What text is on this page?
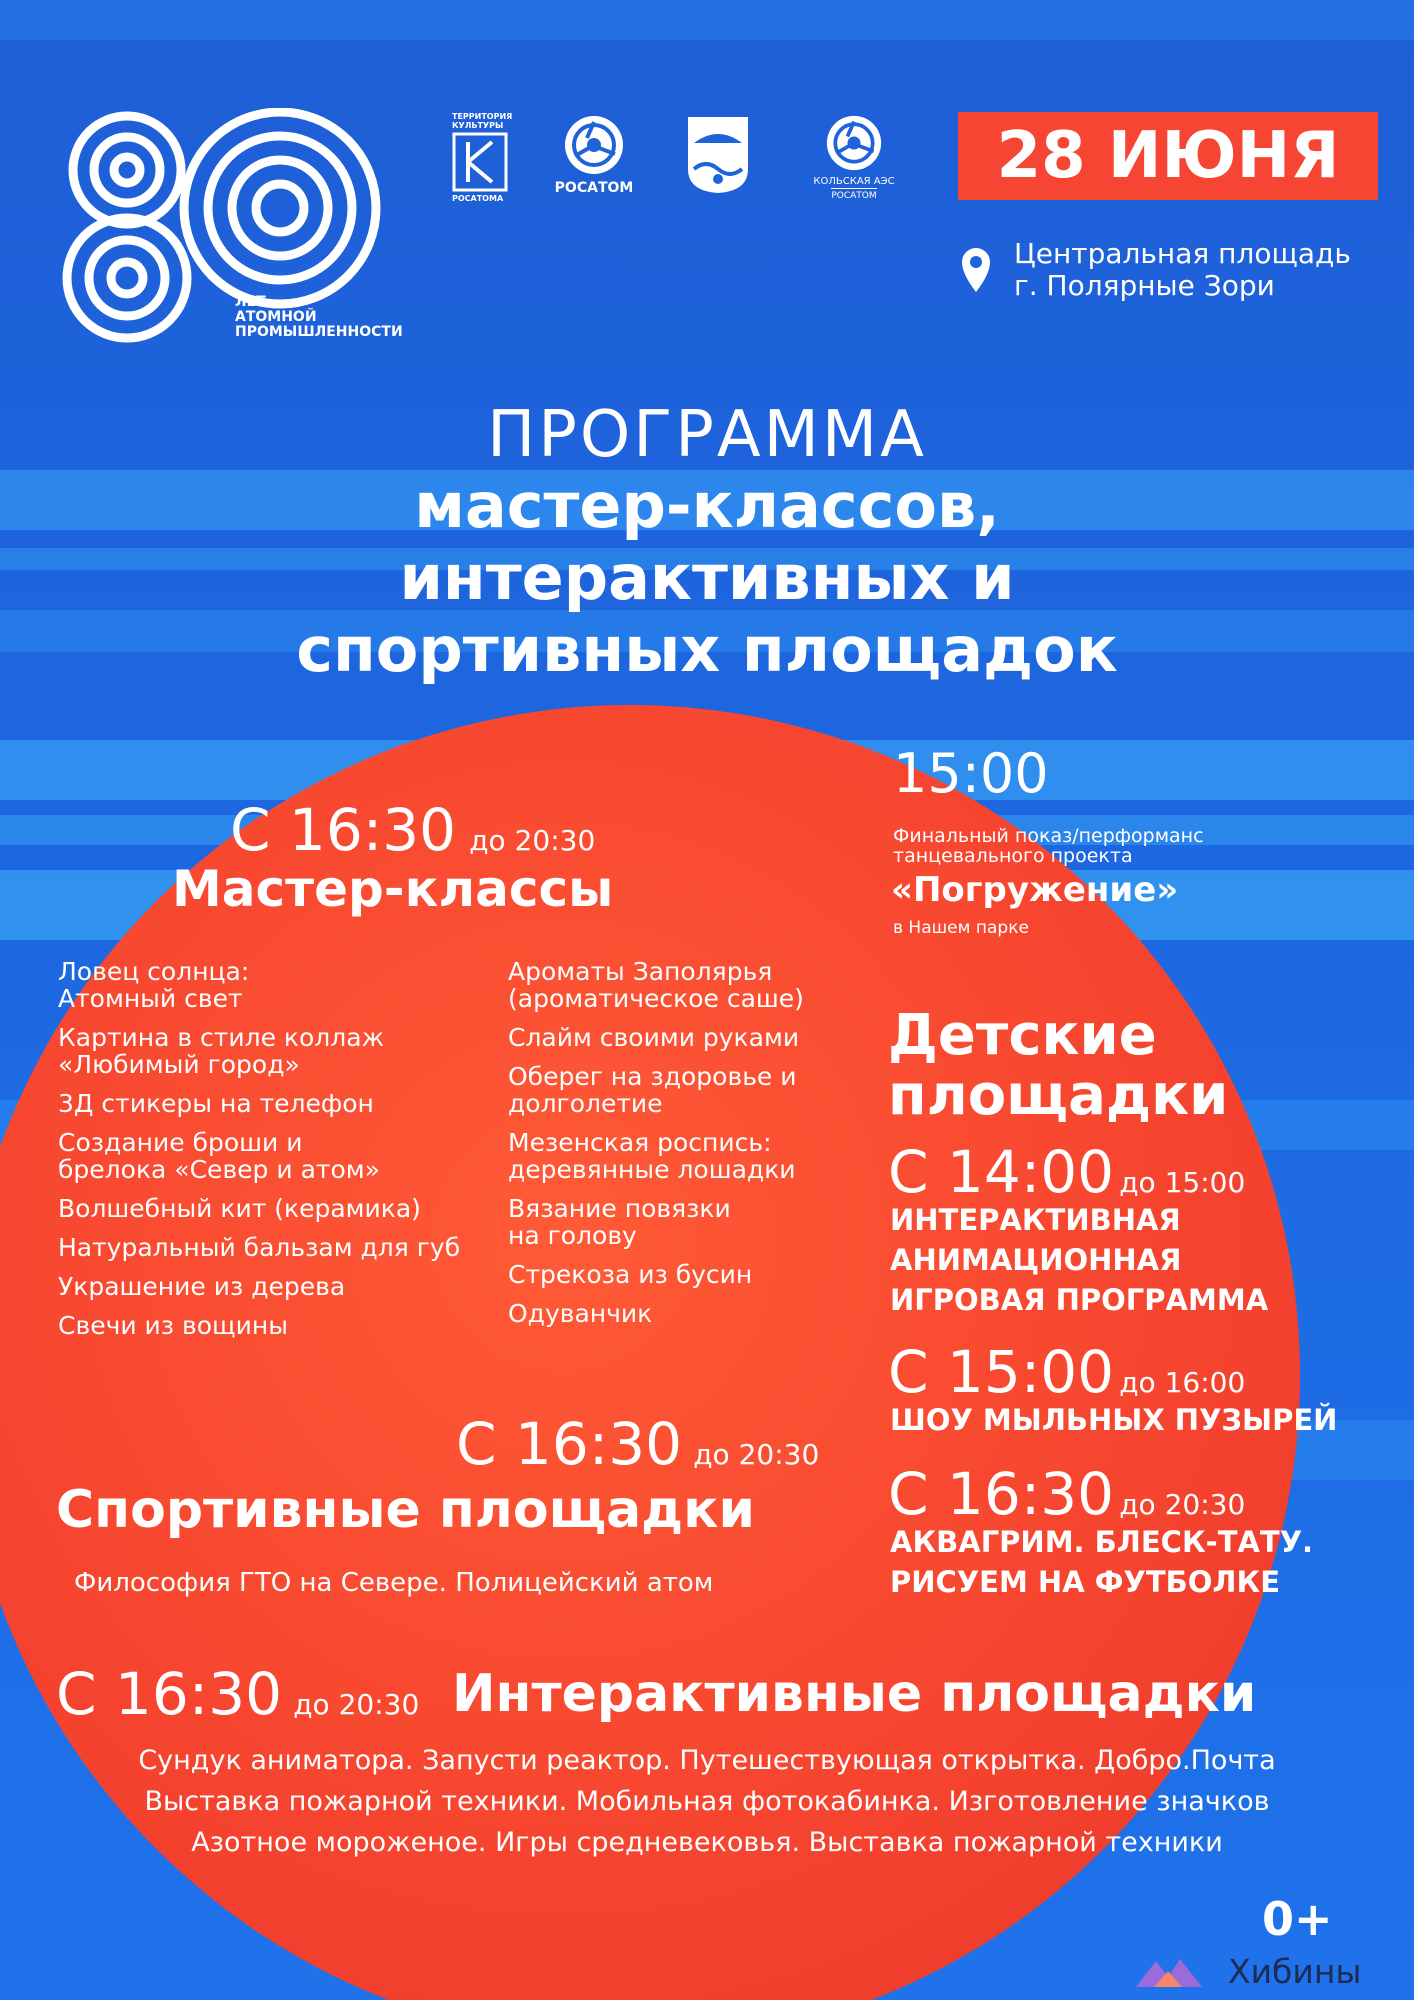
ЛЕТ
АТОМНОЙ
ПРОМЫШЛЕННОСТИ
ТЕРРИТОРИЯ
КУЛЬТУРЫ
РОСАТОМА
РОСАТОМ	КОЛЬСКАЯ АЭС
РОСАТОМ
28 ИЮНЯ
Центральная площадь
г. Полярные Зори
ПРОГРАММА
мастер-классов,
интерактивных и
спортивных площадок
С 16:30 до 20:30
Мастер-классы
Ловец солнца:
Атомный свет
Картина в стиле коллаж
«Любимый город»
3Д стикеры на телефон
Создание броши и
брелока «Север и атом»
Волшебный кит (керамика)
Натуральный бальзам для губ
Украшение из дерева
Свечи из вощины
Ароматы Заполярья
(ароматическое саше)
Слайм своими руками
Оберег на здоровье и
долголетие
Мезенская роспись:
деревянные лошадки
Вязание повязки
на голову
Стрекоза из бусин
Одуванчик
15:00
Финальный показ/перформанс
танцевального проекта
«Погружение»
в Нашем парке
Детские
площадки
С 14:00 до 15:00
ИНТЕРАКТИВНАЯ
АНИМАЦИОННАЯ
ИГРОВАЯ ПРОГРАММА
С 15:00 до 16:00
ШОУ МЫЛЬНЫХ ПУЗЫРЕЙ
С 16:30 до 20:30
АКВАГРИМ. БЛЕСК-ТАТУ.
РИСУЕМ НА ФУТБОЛКЕ
С 16:30 до 20:30
Спортивные площадки
Философия ГТО на Севере. Полицейский атом
С 16:30 до 20:30 Интерактивные площадки
Сундук аниматора. Запусти реактор. Путешествующая открытка. Добро.Почта
Выставка пожарной техники. Мобильная фотокабинка. Изготовление значков
Азотное мороженое. Игры средневековья. Выставка пожарной техники
0+
Хибины
